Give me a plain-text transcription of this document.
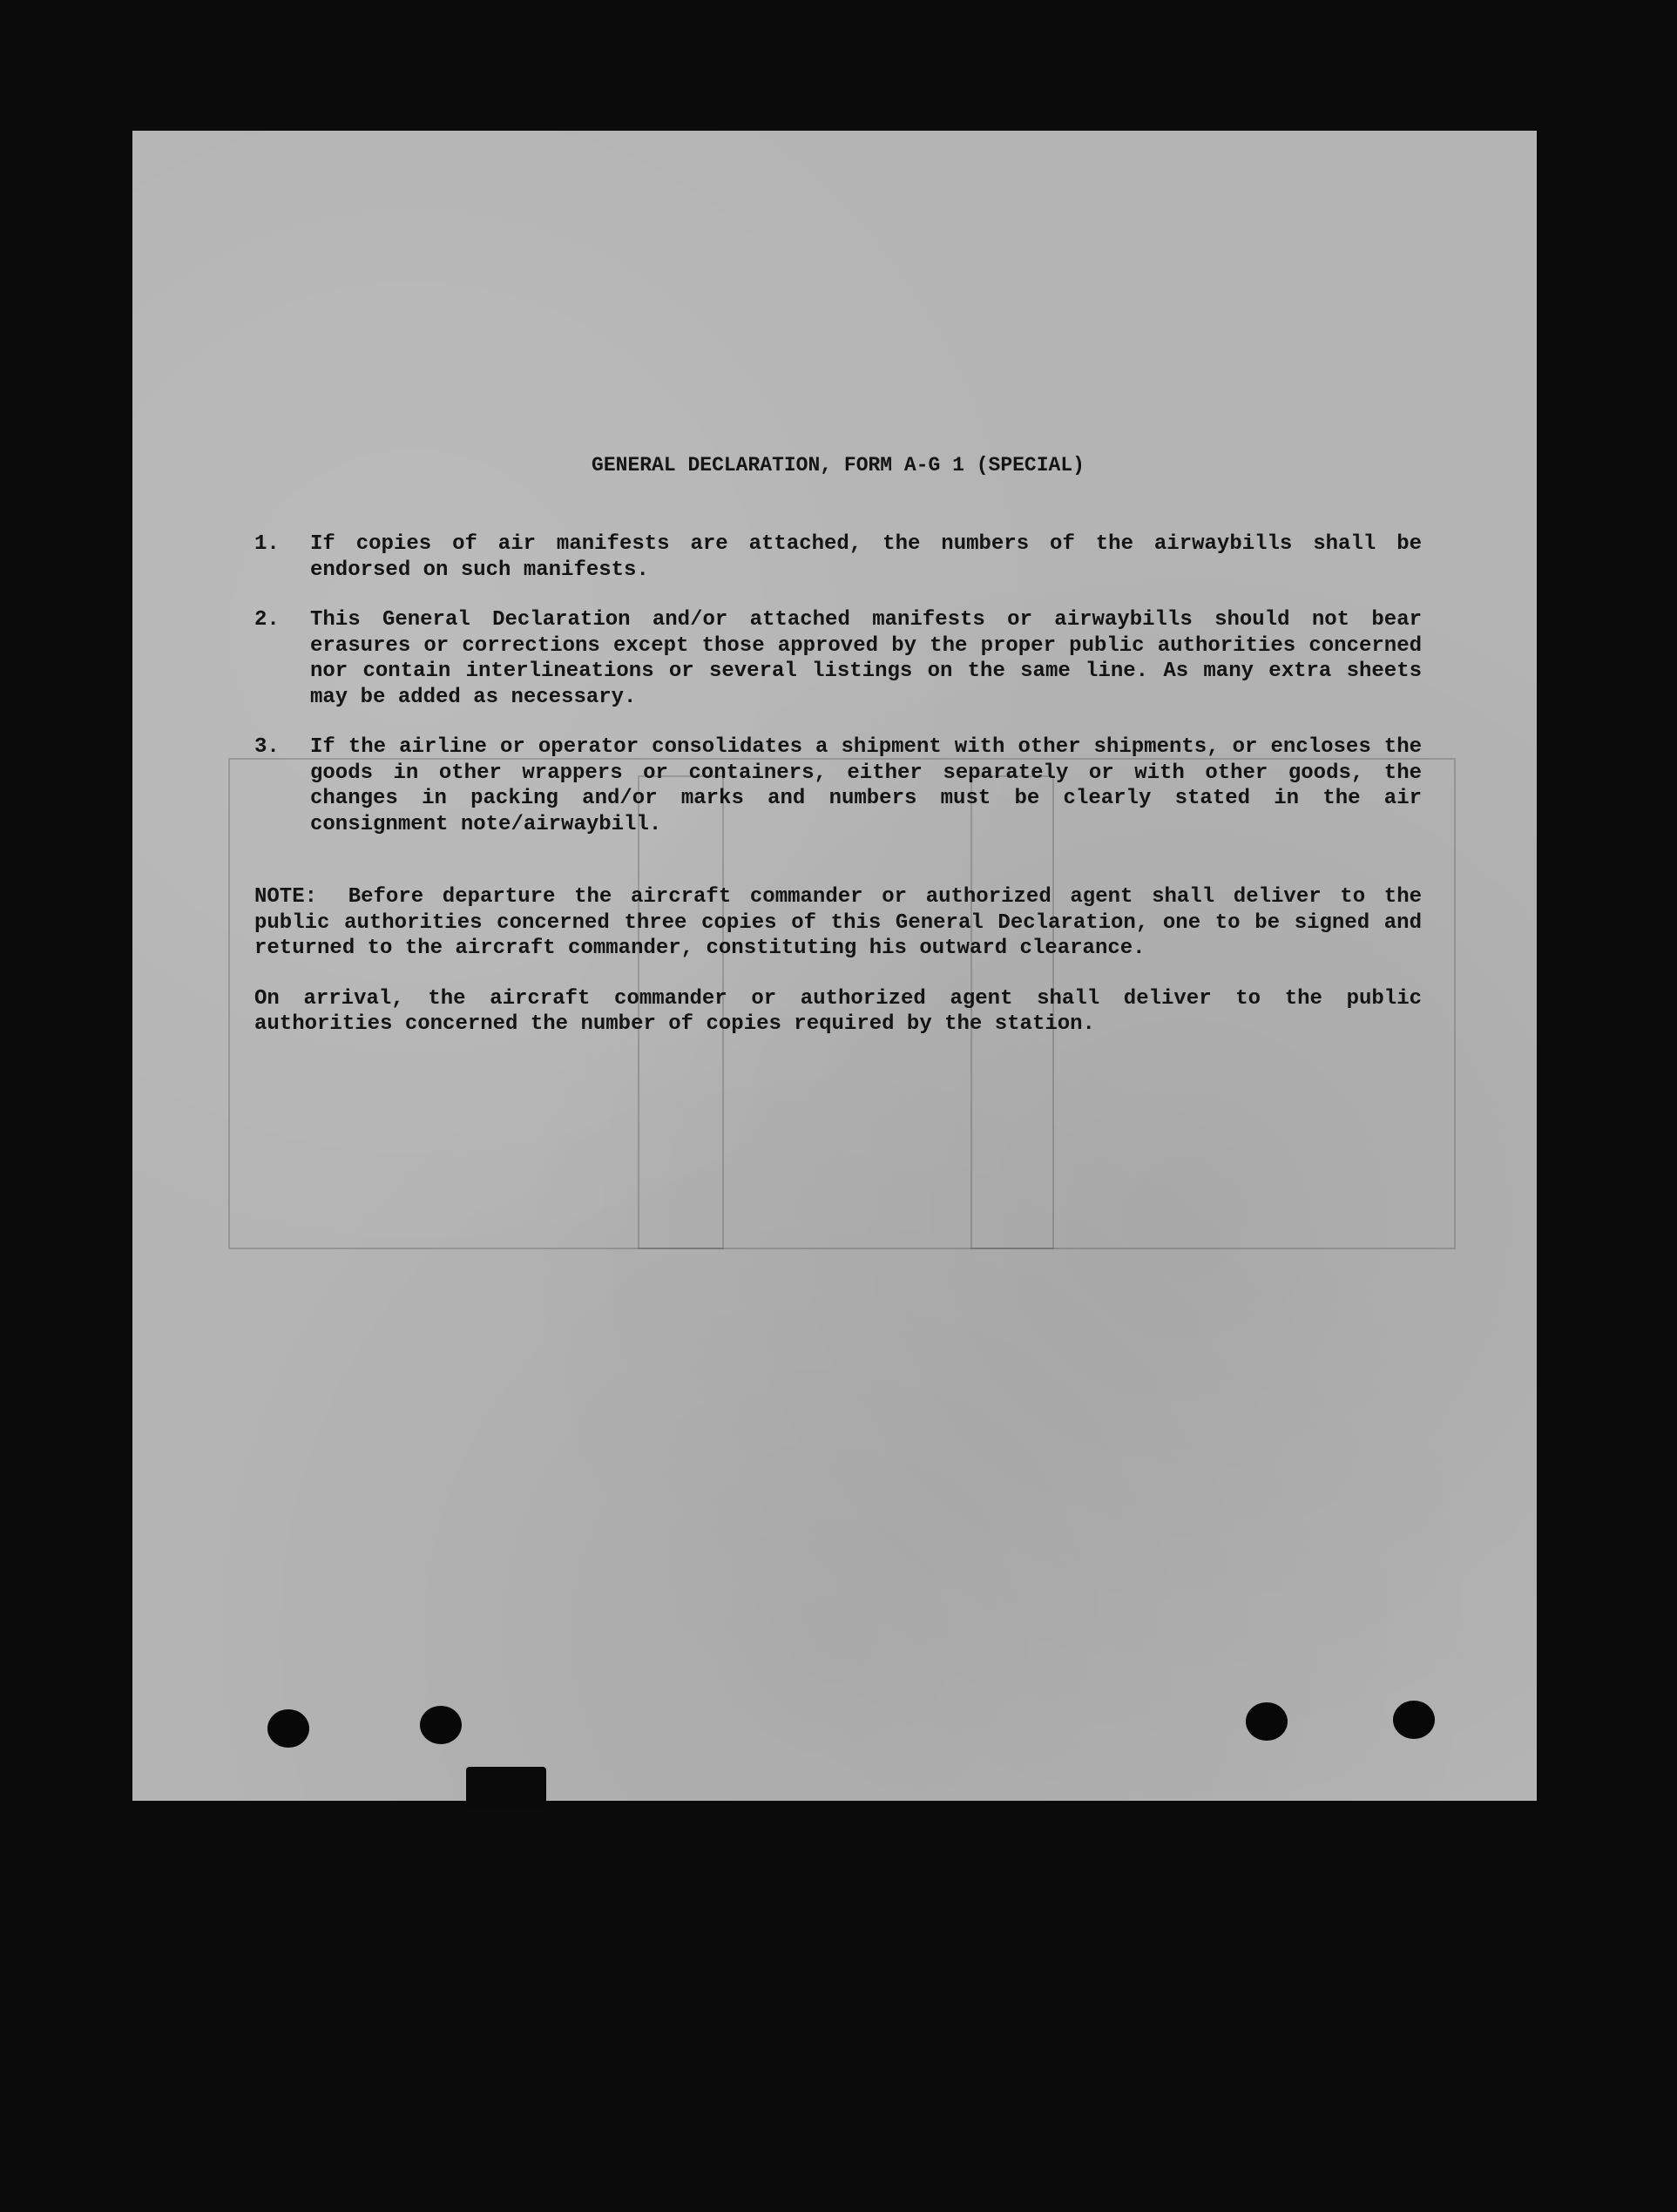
GENERAL DECLARATION, FORM A-G 1 (SPECIAL)
1.	If copies of air manifests are attached, the numbers of the airwaybills shall be endorsed on such manifests.
2.	This General Declaration and/or attached manifests or airwaybills should not bear erasures or corrections except those approved by the proper public authorities concerned nor contain interlineations or several listings on the same line. As many extra sheets may be added as necessary.
3.	If the airline or operator consolidates a shipment with other shipments, or encloses the goods in other wrappers or containers, either separately or with other goods, the changes in packing and/or marks and numbers must be clearly stated in the air consignment note/airwaybill.

NOTE: Before departure the aircraft commander or authorized agent shall deliver to the public authorities concerned three copies of this General Declaration, one to be signed and returned to the aircraft commander, constituting his outward clearance.

On arrival, the aircraft commander or authorized agent shall deliver to the public authorities concerned the number of copies required by the station.
